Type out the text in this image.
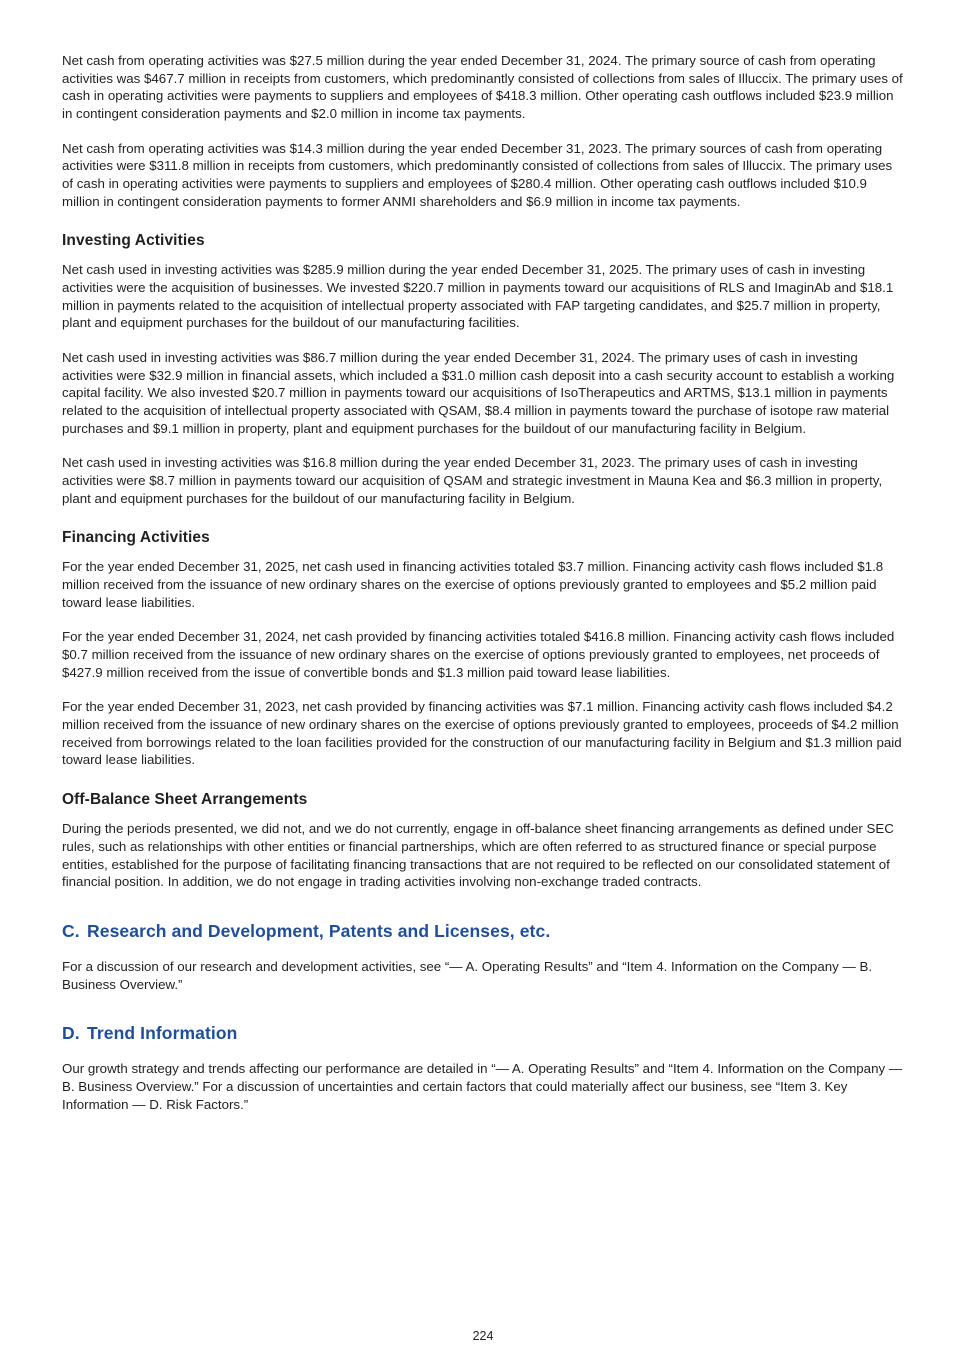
Net cash from operating activities was $27.5 million during the year ended December 31, 2024. The primary source of cash from operating activities was $467.7 million in receipts from customers, which predominantly consisted of collections from sales of Illuccix. The primary uses of cash in operating activities were payments to suppliers and employees of $418.3 million. Other operating cash outflows included $23.9 million in contingent consideration payments and $2.0 million in income tax payments.

Net cash from operating activities was $14.3 million during the year ended December 31, 2023. The primary sources of cash from operating activities were $311.8 million in receipts from customers, which predominantly consisted of collections from sales of Illuccix. The primary uses of cash in operating activities were payments to suppliers and employees of $280.4 million. Other operating cash outflows included $10.9 million in contingent consideration payments to former ANMI shareholders and $6.9 million in income tax payments.

Investing Activities

Net cash used in investing activities was $285.9 million during the year ended December 31, 2025. The primary uses of cash in investing activities were the acquisition of businesses. We invested $220.7 million in payments toward our acquisitions of RLS and ImaginAb and $18.1 million in payments related to the acquisition of intellectual property associated with FAP targeting candidates, and $25.7 million in property, plant and equipment purchases for the buildout of our manufacturing facilities.

Net cash used in investing activities was $86.7 million during the year ended December 31, 2024. The primary uses of cash in investing activities were $32.9 million in financial assets, which included a $31.0 million cash deposit into a cash security account to establish a working capital facility. We also invested $20.7 million in payments toward our acquisitions of IsoTherapeutics and ARTMS, $13.1 million in payments related to the acquisition of intellectual property associated with QSAM, $8.4 million in payments toward the purchase of isotope raw material purchases and $9.1 million in property, plant and equipment purchases for the buildout of our manufacturing facility in Belgium.

Net cash used in investing activities was $16.8 million during the year ended December 31, 2023. The primary uses of cash in investing activities were $8.7 million in payments toward our acquisition of QSAM and strategic investment in Mauna Kea and $6.3 million in property, plant and equipment purchases for the buildout of our manufacturing facility in Belgium.

Financing Activities

For the year ended December 31, 2025, net cash used in financing activities totaled $3.7 million. Financing activity cash flows included $1.8 million received from the issuance of new ordinary shares on the exercise of options previously granted to employees and $5.2 million paid toward lease liabilities.

For the year ended December 31, 2024, net cash provided by financing activities totaled $416.8 million. Financing activity cash flows included $0.7 million received from the issuance of new ordinary shares on the exercise of options previously granted to employees, net proceeds of $427.9 million received from the issue of convertible bonds and $1.3 million paid toward lease liabilities.

For the year ended December 31, 2023, net cash provided by financing activities was $7.1 million. Financing activity cash flows included $4.2 million received from the issuance of new ordinary shares on the exercise of options previously granted to employees, proceeds of $4.2 million received from borrowings related to the loan facilities provided for the construction of our manufacturing facility in Belgium and $1.3 million paid toward lease liabilities.

Off-Balance Sheet Arrangements

During the periods presented, we did not, and we do not currently, engage in off-balance sheet financing arrangements as defined under SEC rules, such as relationships with other entities or financial partnerships, which are often referred to as structured finance or special purpose entities, established for the purpose of facilitating financing transactions that are not required to be reflected on our consolidated statement of financial position. In addition, we do not engage in trading activities involving non-exchange traded contracts.

C. Research and Development, Patents and Licenses, etc.

For a discussion of our research and development activities, see “— A. Operating Results” and “Item 4. Information on the Company — B. Business Overview.”

D. Trend Information

Our growth strategy and trends affecting our performance are detailed in “— A. Operating Results” and “Item 4. Information on the Company — B. Business Overview.” For a discussion of uncertainties and certain factors that could materially affect our business, see “Item 3. Key Information — D. Risk Factors.”

224
